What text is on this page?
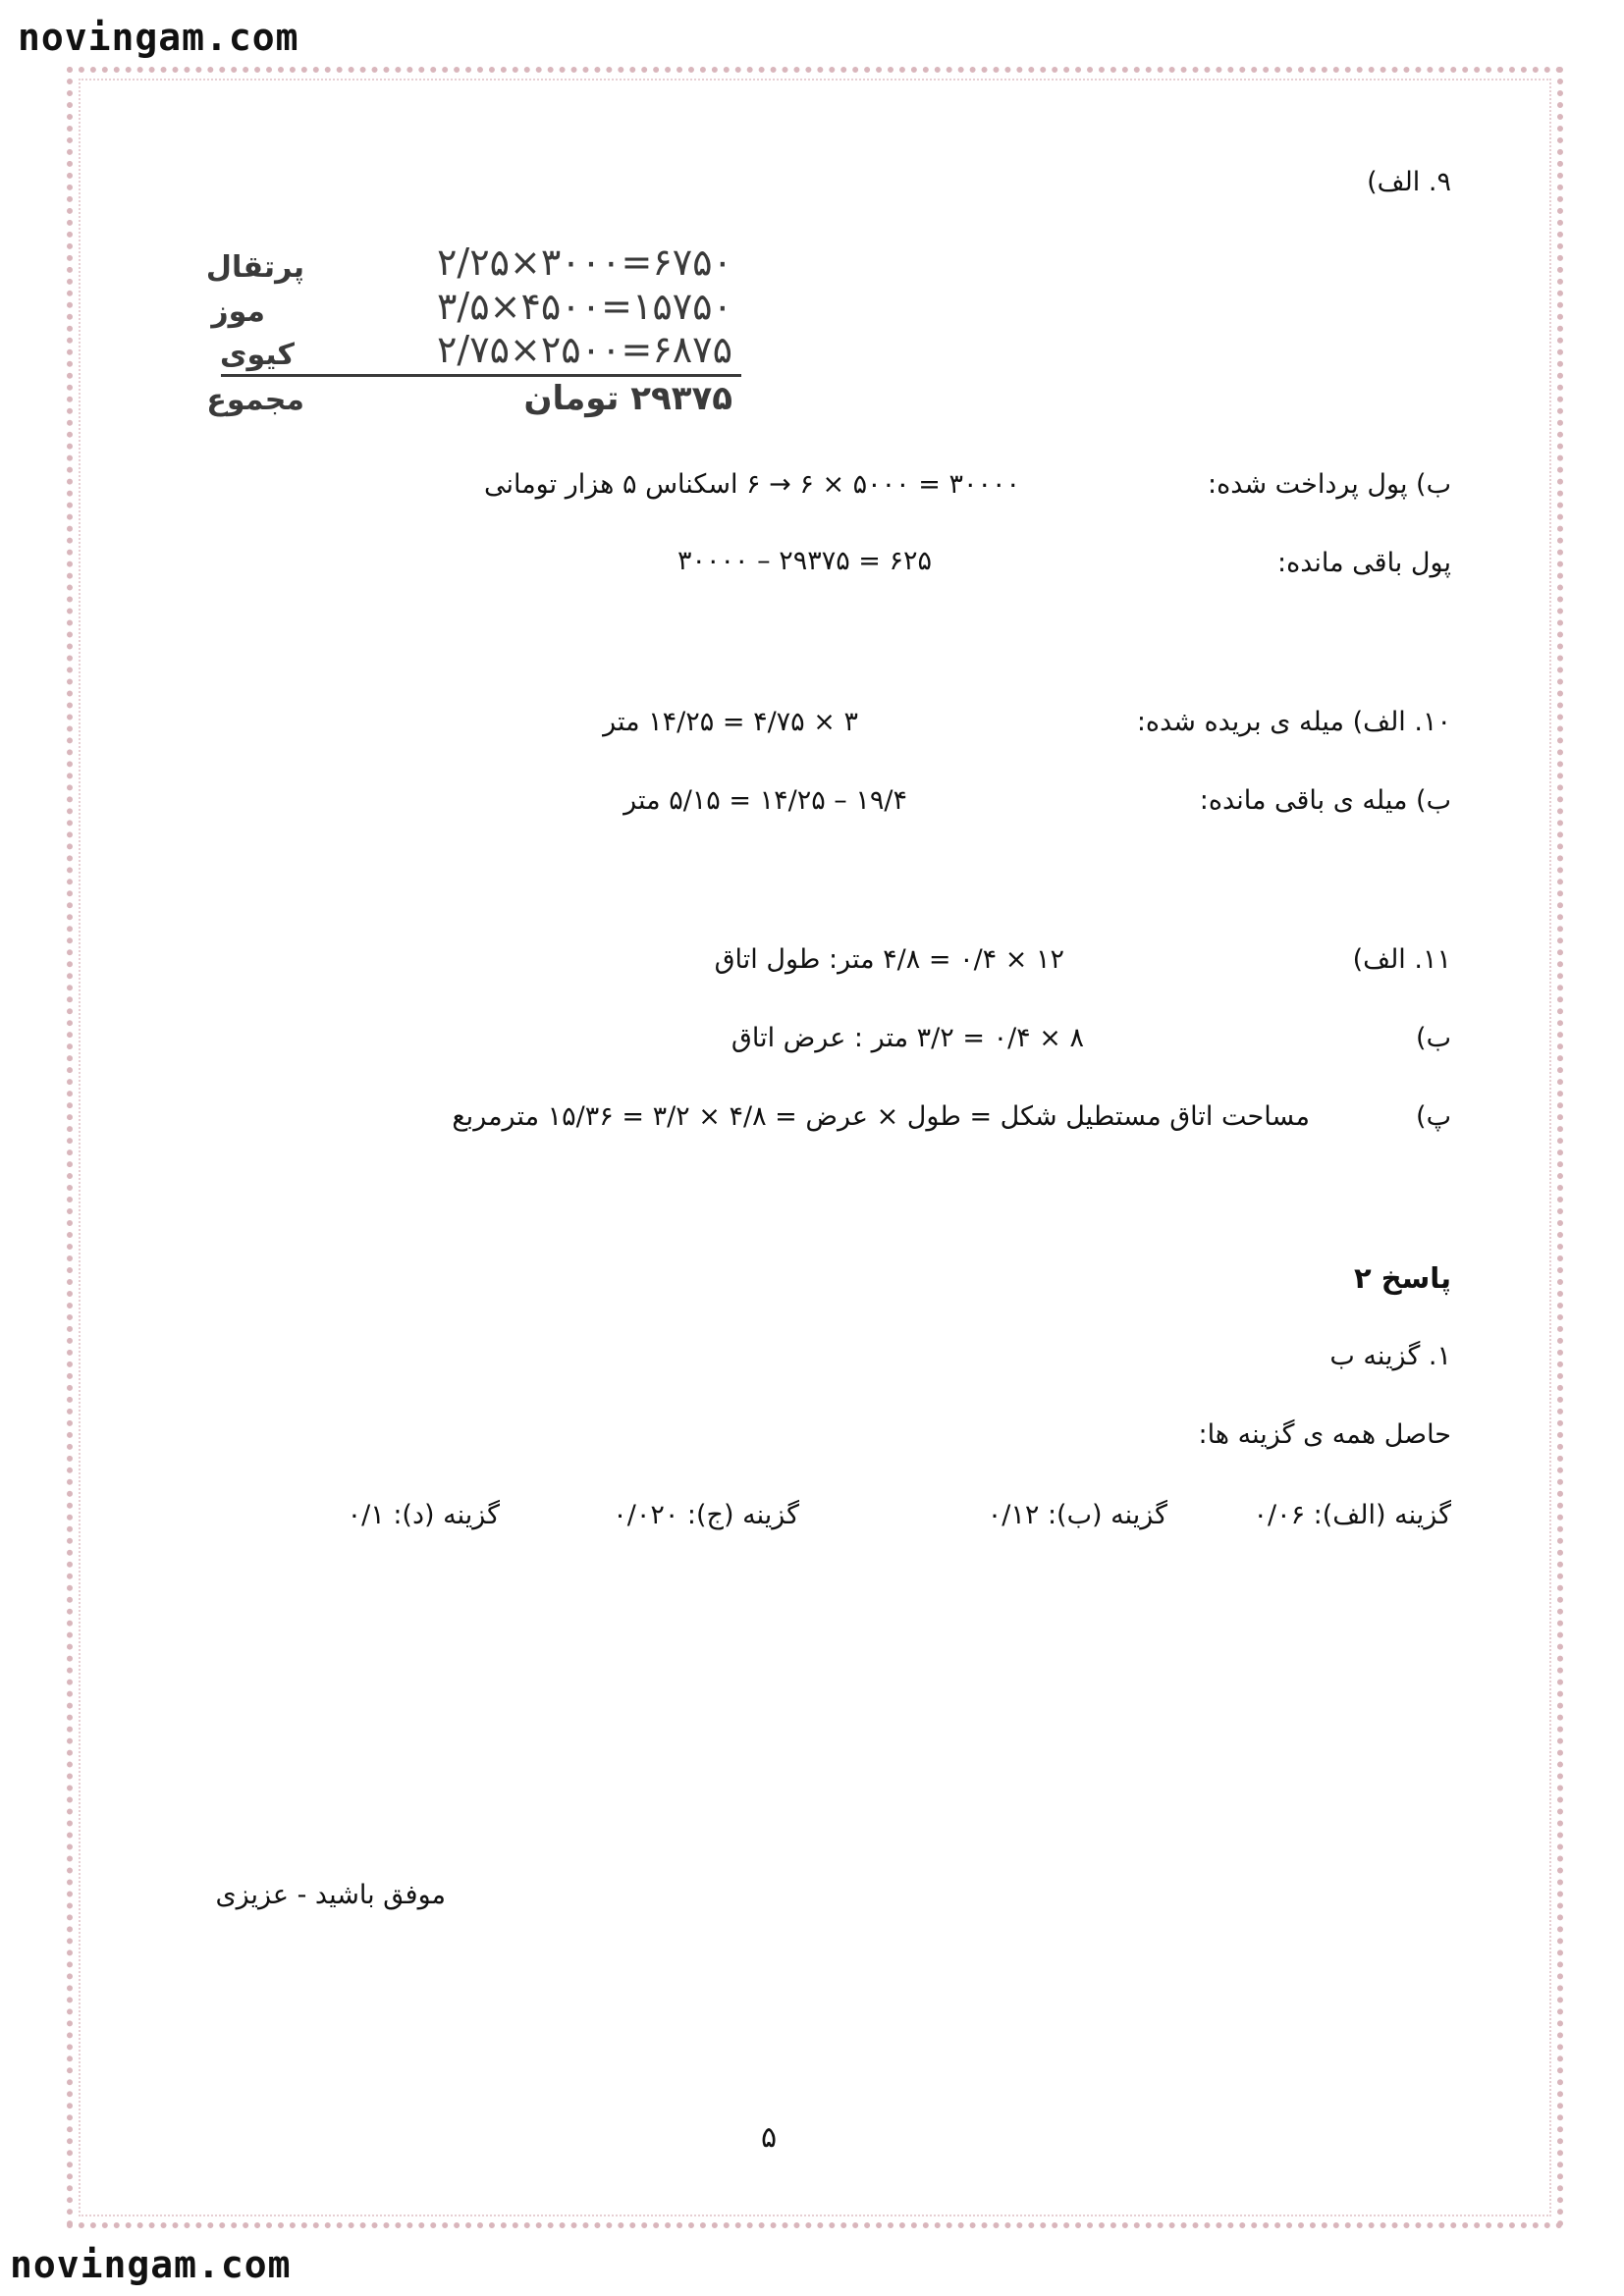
novingam.com
novingam.com
۹. الف)
پرتقال	۲/۲۵×۳۰۰۰=۶۷۵۰
موز	۳/۵×۴۵۰۰=۱۵۷۵۰
کیوی	۲/۷۵×۲۵۰۰=۶۸۷۵
مجموع	۲۹۳۷۵ تومان
ب) پول پرداخت شده:
۳۰۰۰۰ = ۵۰۰۰ × ۶ → ۶ اسکناس ۵ هزار تومانی
پول باقی مانده:
۳۰۰۰۰ – ۲۹۳۷۵ = ۶۲۵
۱۰. الف) میله ی بریده شده:
۳ × ۴/۷۵ = ۱۴/۲۵ متر
ب) میله ی باقی مانده:
۱۹/۴ – ۱۴/۲۵ = ۵/۱۵ متر
۱۱. الف)
۱۲ × ۰/۴ = ۴/۸ متر: طول اتاق
ب)
۸ × ۰/۴ = ۳/۲ متر : عرض اتاق
پ)
مساحت اتاق مستطیل شکل = طول × عرض = ۴/۸ × ۳/۲ = ۱۵/۳۶ مترمربع
پاسخ ۲
۱. گزینه ب
حاصل همه ی گزینه ها:
گزینه (الف): ۰/۰۶
گزینه (ب): ۰/۱۲
گزینه (ج): ۰/۰۲۰
گزینه (د): ۰/۱
موفق باشید - عزیزی
۵
